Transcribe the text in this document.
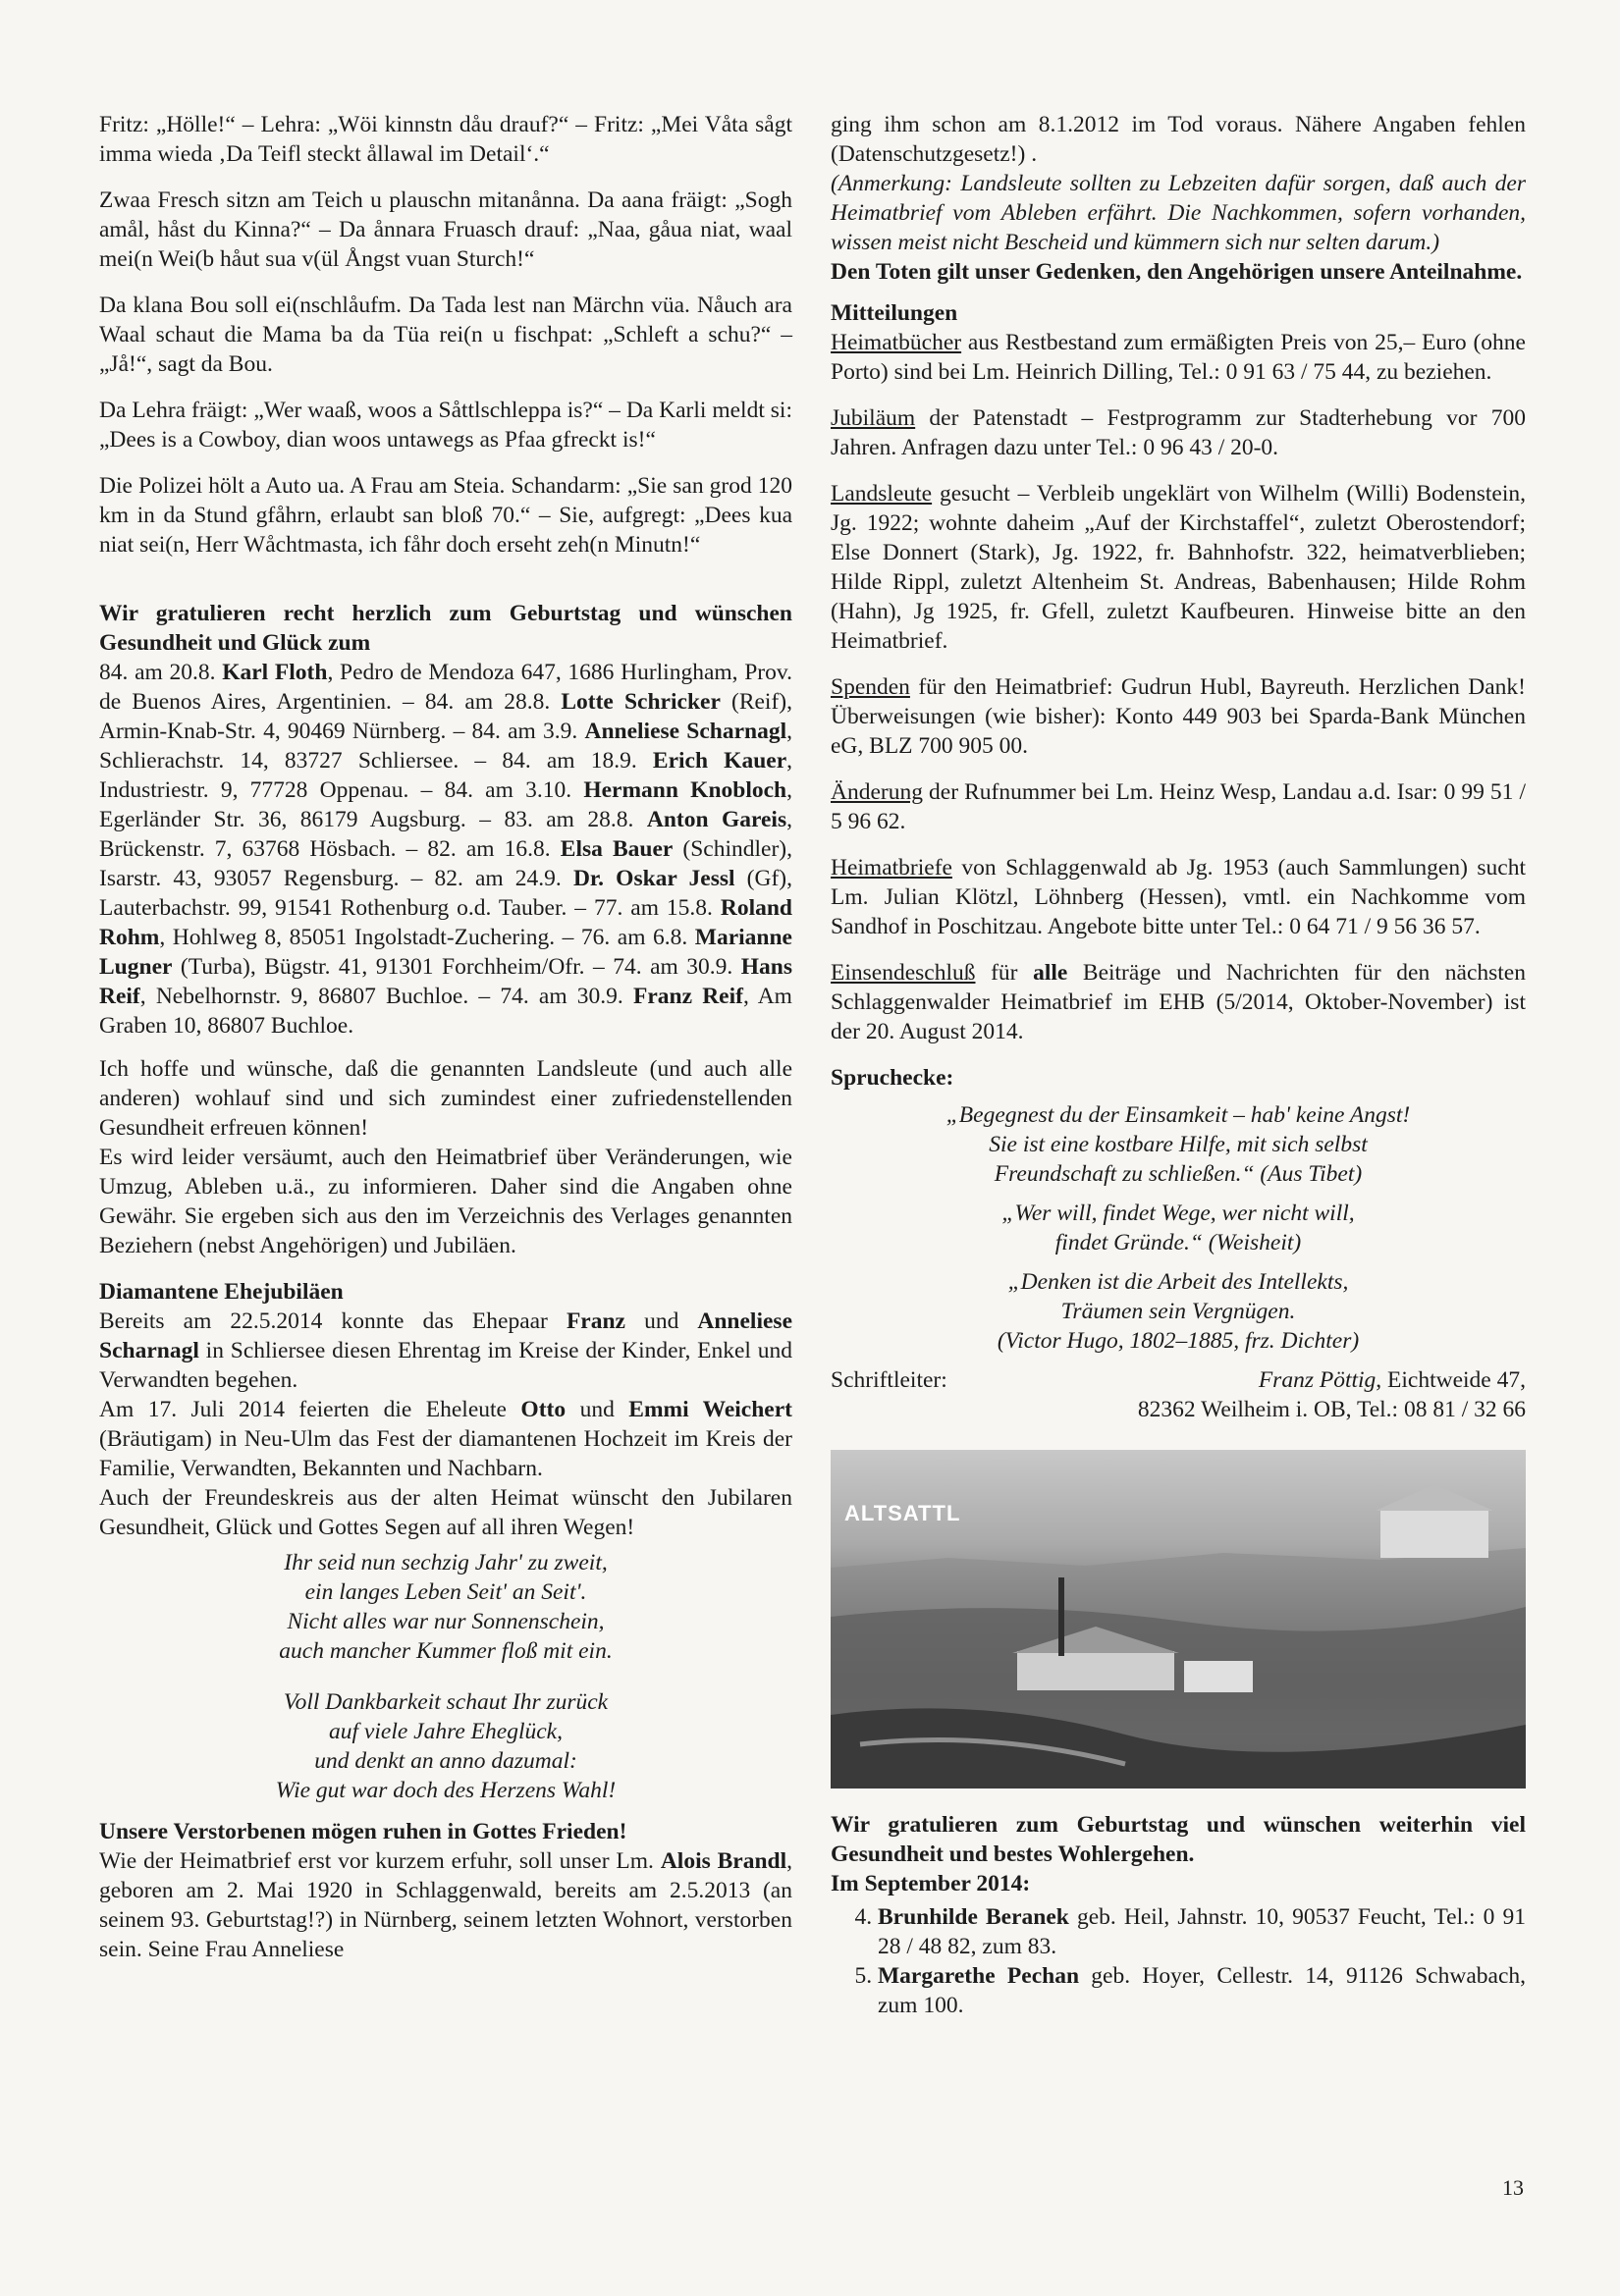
Fritz: „Hölle!“ – Lehra: „Wöi kinnstn dåu drauf?“ – Fritz: „Mei Våta sågt imma wieda ‚Da Teifl steckt ållawal im Detail‘.“

Zwaa Fresch sitzn am Teich u plauschn mitanånna. Da aana fräigt: „Sogh amål, håst du Kinna?“ – Da ånnara Fruasch drauf: „Naa, gåua niat, waal mei(n Wei(b håut sua v(ül Ångst vuan Sturch!“

Da klana Bou soll ei(nschlåufm. Da Tada lest nan Märchn vüa. Nåuch ara Waal schaut die Mama ba da Tüa rei(n u fischpat: „Schleft a schu?“ – „Jå!“, sagt da Bou.

Da Lehra fräigt: „Wer waaß, woos a Såttlschleppa is?“ – Da Karli meldt si: „Dees is a Cowboy, dian woos untawegs as Pfaa gfreckt is!“

Die Polizei hölt a Auto ua. A Frau am Steia. Schandarm: „Sie san grod 120 km in da Stund gfåhrn, erlaubt san bloß 70.“ – Sie, aufgregt: „Dees kua niat sei(n, Herr Wåchtmasta, ich fåhr doch erseht zeh(n Minutn!“

Wir gratulieren recht herzlich zum Geburtstag und wünschen Gesundheit und Glück zum

84. am 20.8. Karl Floth, Pedro de Mendoza 647, 1686 Hurlingham, Prov. de Buenos Aires, Argentinien. – 84. am 28.8. Lotte Schricker (Reif), Armin-Knab-Str. 4, 90469 Nürnberg. – 84. am 3.9. Anneliese Scharnagl, Schlierachstr. 14, 83727 Schliersee. – 84. am 18.9. Erich Kauer, Industriestr. 9, 77728 Oppenau. – 84. am 3.10. Hermann Knobloch, Egerländer Str. 36, 86179 Augsburg. – 83. am 28.8. Anton Gareis, Brückenstr. 7, 63768 Hösbach. – 82. am 16.8. Elsa Bauer (Schindler), Isarstr. 43, 93057 Regensburg. – 82. am 24.9. Dr. Oskar Jessl (Gf), Lauterbachstr. 99, 91541 Rothenburg o.d. Tauber. – 77. am 15.8. Roland Rohm, Hohlweg 8, 85051 Ingolstadt-Zuchering. – 76. am 6.8. Marianne Lugner (Turba), Bügstr. 41, 91301 Forchheim/Ofr. – 74. am 30.9. Hans Reif, Nebelhornstr. 9, 86807 Buchloe. – 74. am 30.9. Franz Reif, Am Graben 10, 86807 Buchloe.

Ich hoffe und wünsche, daß die genannten Landsleute (und auch alle anderen) wohlauf sind und sich zumindest einer zufriedenstellenden Gesundheit erfreuen können!

Es wird leider versäumt, auch den Heimatbrief über Veränderungen, wie Umzug, Ableben u.ä., zu informieren. Daher sind die Angaben ohne Gewähr. Sie ergeben sich aus den im Verzeichnis des Verlages genannten Beziehern (nebst Angehörigen) und Jubiläen.

Diamantene Ehejubiläen

Bereits am 22.5.2014 konnte das Ehepaar Franz und Anneliese Scharnagl in Schliersee diesen Ehrentag im Kreise der Kinder, Enkel und Verwandten begehen.

Am 17. Juli 2014 feierten die Eheleute Otto und Emmi Weichert (Bräutigam) in Neu-Ulm das Fest der diamantenen Hochzeit im Kreis der Familie, Verwandten, Bekannten und Nachbarn.

Auch der Freundeskreis aus der alten Heimat wünscht den Jubilaren Gesundheit, Glück und Gottes Segen auf all ihren Wegen!

Ihr seid nun sechzig Jahr' zu zweit,
ein langes Leben Seit' an Seit'.
Nicht alles war nur Sonnenschein,
auch mancher Kummer floß mit ein.
Voll Dankbarkeit schaut Ihr zurück
auf viele Jahre Eheglück,
und denkt an anno dazumal:
Wie gut war doch des Herzens Wahl!

Unsere Verstorbenen mögen ruhen in Gottes Frieden!

Wie der Heimatbrief erst vor kurzem erfuhr, soll unser Lm. Alois Brandl, geboren am 2. Mai 1920 in Schlaggenwald, bereits am 2.5.2013 (an seinem 93. Geburtstag!?) in Nürnberg, seinem letzten Wohnort, verstorben sein. Seine Frau Anneliese

ging ihm schon am 8.1.2012 im Tod voraus. Nähere Angaben fehlen (Datenschutzgesetz!) .

(Anmerkung: Landsleute sollten zu Lebzeiten dafür sorgen, daß auch der Heimatbrief vom Ableben erfährt. Die Nachkommen, sofern vorhanden, wissen meist nicht Bescheid und kümmern sich nur selten darum.)

Den Toten gilt unser Gedenken, den Angehörigen unsere Anteilnahme.

Mitteilungen

Heimatbücher aus Restbestand zum ermäßigten Preis von 25,– Euro (ohne Porto) sind bei Lm. Heinrich Dilling, Tel.: 0 91 63 / 75 44, zu beziehen.

Jubiläum der Patenstadt – Festprogramm zur Stadterhebung vor 700 Jahren. Anfragen dazu unter Tel.: 0 96 43 / 20-0.

Landsleute gesucht – Verbleib ungeklärt von Wilhelm (Willi) Bodenstein, Jg. 1922; wohnte daheim „Auf der Kirchstaffel“, zuletzt Oberostendorf; Else Donnert (Stark), Jg. 1922, fr. Bahnhofstr. 322, heimatverblieben; Hilde Rippl, zuletzt Altenheim St. Andreas, Babenhausen; Hilde Rohm (Hahn), Jg 1925, fr. Gfell, zuletzt Kaufbeuren. Hinweise bitte an den Heimatbrief.

Spenden für den Heimatbrief: Gudrun Hubl, Bayreuth. Herzlichen Dank! Überweisungen (wie bisher): Konto 449 903 bei Sparda-Bank München eG, BLZ 700 905 00.

Änderung der Rufnummer bei Lm. Heinz Wesp, Landau a.d. Isar: 0 99 51 / 5 96 62.

Heimatbriefe von Schlaggenwald ab Jg. 1953 (auch Sammlungen) sucht Lm. Julian Klötzl, Löhnberg (Hessen), vmtl. ein Nachkomme vom Sandhof in Poschitzau. Angebote bitte unter Tel.: 0 64 71 / 9 56 36 57.

Einsendeschluß für alle Beiträge und Nachrichten für den nächsten Schlaggenwalder Heimatbrief im EHB (5/2014, Oktober-November) ist der 20. August 2014.

Spruchecke:

„Begegnest du der Einsamkeit – hab' keine Angst!
Sie ist eine kostbare Hilfe, mit sich selbst
Freundschaft zu schließen.“ (Aus Tibet)
„Wer will, findet Wege, wer nicht will,
findet Gründe.“ (Weisheit)
„Denken ist die Arbeit des Intellekts,
Träumen sein Vergnügen.
(Victor Hugo, 1802–1885, frz. Dichter)
Schriftleiter:	Franz Pöttig, Eichtweide 47,
82362 Weilheim i. OB, Tel.: 08 81 / 32 66
ALTSATTL

Wir gratulieren zum Geburtstag und wünschen weiterhin viel Gesundheit und bestes Wohlergehen.

Im September 2014:

4. Brunhilde Beranek geb. Heil, Jahnstr. 10, 90537 Feucht, Tel.: 0 91 28 / 48 82, zum 83.
5. Margarethe Pechan geb. Hoyer, Cellestr. 14, 91126 Schwabach, zum 100.
13
